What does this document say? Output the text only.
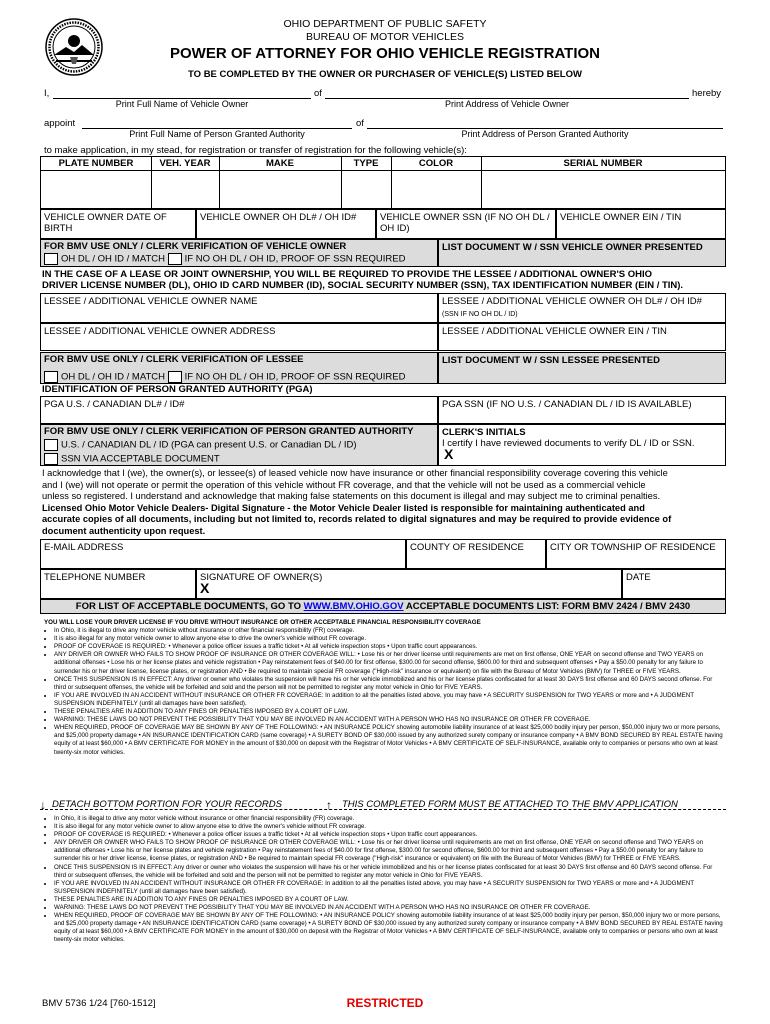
OHIO DEPARTMENT OF PUBLIC SAFETY
BUREAU OF MOTOR VEHICLES
POWER OF ATTORNEY FOR OHIO VEHICLE REGISTRATION
TO BE COMPLETED BY THE OWNER OR PURCHASER OF VEHICLE(S) LISTED BELOW
I,	of	hereby
Print Full Name of Vehicle Owner	Print Address of Vehicle Owner
appoint	of
Print Full Name of Person Granted Authority	Print Address of Person Granted Authority
to make application, in my stead, for registration or transfer of registration for the following vehicle(s):
PLATE NUMBER	VEH. YEAR	MAKE	TYPE	COLOR	SERIAL NUMBER
VEHICLE OWNER DATE OF BIRTH
VEHICLE OWNER OH DL# / OH ID#	VEHICLE OWNER SSN (IF NO OH DL / OH ID)
VEHICLE OWNER EIN / TIN
FOR BMV USE ONLY / CLERK VERIFICATION OF VEHICLE OWNER
OH DL / OH ID / MATCH IF NO OH DL / OH ID, PROOF OF SSN REQUIRED
LIST DOCUMENT W / SSN VEHICLE OWNER PRESENTED
IN THE CASE OF A LEASE OR JOINT OWNERSHIP, YOU WILL BE REQUIRED TO PROVIDE THE LESSEE / ADDITIONAL OWNER'S OHIO
DRIVER LICENSE NUMBER (DL), OHIO ID CARD NUMBER (ID), SOCIAL SECURITY NUMBER (SSN), TAX IDENTIFICATION NUMBER (EIN / TIN).
LESSEE / ADDITIONAL VEHICLE OWNER NAME	LESSEE / ADDITIONAL VEHICLE OWNER OH DL# / OH ID#
(SSN IF NO OH DL / ID)
LESSEE / ADDITIONAL VEHICLE OWNER ADDRESS	LESSEE / ADDITIONAL VEHICLE OWNER EIN / TIN
FOR BMV USE ONLY / CLERK VERIFICATION OF LESSEE
OH DL / OH ID / MATCH IF NO OH DL / OH ID, PROOF OF SSN REQUIRED
LIST DOCUMENT W / SSN LESSEE PRESENTED
IDENTIFICATION OF PERSON GRANTED AUTHORITY (PGA)
PGA U.S. / CANADIAN DL# / ID#	PGA SSN (IF NO U.S. / CANADIAN DL / ID IS AVAILABLE)
FOR BMV USE ONLY / CLERK VERIFICATION OF PERSON GRANTED AUTHORITY
U.S. / CANADIAN DL / ID (PGA can present U.S. or Canadian DL / ID)
SSN VIA ACCEPTABLE DOCUMENT
CLERK'S INITIALS
I certify I have reviewed documents to verify DL / ID or SSN.
X
I acknowledge that I (we), the owner(s), or lessee(s) of leased vehicle now have insurance or other financial responsibility coverage covering this vehicle
and I (we) will not operate or permit the operation of this vehicle without FR coverage, and that the vehicle will not be used as a commercial vehicle
unless so registered. I understand and acknowledge that making false statements on this document is illegal and may subject me to criminal penalties.
Licensed Ohio Motor Vehicle Dealers- Digital Signature - the Motor Vehicle Dealer listed is responsible for maintaining authenticated and
accurate copies of all documents, including but not limited to, records related to digital signatures and may be required to provide evidence of
document authenticity upon request.
E-MAIL ADDRESS	COUNTY OF RESIDENCE	CITY OR TOWNSHIP OF RESIDENCE
TELEPHONE NUMBER	SIGNATURE OF OWNER(S)
X
DATE
FOR LIST OF ACCEPTABLE DOCUMENTS, GO TO WWW.BMV.OHIO.GOV ACCEPTABLE DOCUMENTS LIST: FORM BMV 2424 / BMV 2430
YOU WILL LOSE YOUR DRIVER LICENSE IF YOU DRIVE WITHOUT INSURANCE OR OTHER ACCEPTABLE FINANCIAL RESPONSIBILITY COVERAGE
• In Ohio, it is illegal to drive any motor vehicle without insurance or other financial responsibility (FR) coverage.
• It is also illegal for any motor vehicle owner to allow anyone else to drive the owner's vehicle without FR coverage.
• PROOF OF COVERAGE IS REQUIRED: • Whenever a police officer issues a traffic ticket • At all vehicle inspection stops • Upon traffic court appearances.
• ANY DRIVER OR OWNER WHO FAILS TO SHOW PROOF OF INSURANCE OR OTHER COVERAGE WILL: • Lose his or her driver license until requirements are met on first offense, ONE YEAR on second offense and TWO YEARS on additional offenses • Lose his or her license plates and vehicle registration • Pay reinstatement fees of $40.00 for first offense, $300.00 for second offense, $600.00 for third and subsequent offenses • Pay a $50.00 penalty for any failure to surrender his or her driver license, license plates, or registration AND • Be required to maintain special FR coverage ("High-risk" insurance or equivalent) on file with the Bureau of Motor Vehicles (BMV) for THREE or FIVE YEARS.
• ONCE THIS SUSPENSION IS IN EFFECT: Any driver or owner who violates the suspension will have his or her vehicle immobilized and his or her license plates confiscated for at least 30 DAYS first offense and 60 DAYS second offense. For third or subsequent offenses, the vehicle will be forfeited and sold and the person will not be permitted to register any motor vehicle in Ohio for FIVE YEARS.
• IF YOU ARE INVOLVED IN AN ACCIDENT WITHOUT INSURANCE OR OTHER FR COVERAGE: In addition to all the penalties listed above, you may have • A SECURITY SUSPENSION for TWO YEARS or more and • A JUDGMENT SUSPENSION INDEFINITELY (until all damages have been satisfied).
• THESE PENALTIES ARE IN ADDITION TO ANY FINES OR PENALTIES IMPOSED BY A COURT OF LAW.
• WARNING: THESE LAWS DO NOT PREVENT THE POSSIBILITY THAT YOU MAY BE INVOLVED IN AN ACCIDENT WITH A PERSON WHO HAS NO INSURANCE OR OTHER FR COVERAGE.
• WHEN REQUIRED, PROOF OF COVERAGE MAY BE SHOWN BY ANY OF THE FOLLOWING: • AN INSURANCE POLICY showing automobile liability insurance of at least $25,000 bodily injury per person, $50,000 injury two or more persons, and $25,000 property damage • AN INSURANCE IDENTIFICATION CARD (same coverage) • A SURETY BOND OF $30,000 issued by any authorized surety company or insurance company • A BMV BOND SECURED BY REAL ESTATE having equity of at least $60,000 • A BMV CERTIFICATE FOR MONEY in the amount of $30,000 on deposit with the Registrar of Motor Vehicles • A BMV CERTIFICATE OF SELF-INSURANCE, available only to companies or persons who own at least twenty-six motor vehicles.
↓ DETACH BOTTOM PORTION FOR YOUR RECORDS	↑ THIS COMPLETED FORM MUST BE ATTACHED TO THE BMV APPLICATION
• In Ohio, it is illegal to drive any motor vehicle without insurance or other financial responsibility (FR) coverage.
• It is also illegal for any motor vehicle owner to allow anyone else to drive the owner's vehicle without FR coverage.
• PROOF OF COVERAGE IS REQUIRED: • Whenever a police officer issues a traffic ticket • At all vehicle inspection stops • Upon traffic court appearances.
• ANY DRIVER OR OWNER WHO FAILS TO SHOW PROOF OF INSURANCE OR OTHER COVERAGE WILL: • Lose his or her driver license until requirements are met on first offense, ONE YEAR on second offense and TWO YEARS on additional offenses • Lose his or her license plates and vehicle registration • Pay reinstatement fees of $40.00 for first offense, $300.00 for second offense, $600.00 for third and subsequent offenses • Pay a $50.00 penalty for any failure to surrender his or her driver license, license plates, or registration AND • Be required to maintain special FR coverage ("High-risk" insurance or equivalent) on file with the Bureau of Motor Vehicles (BMV) for THREE or FIVE YEARS.
• ONCE THIS SUSPENSION IS IN EFFECT: Any driver or owner who violates the suspension will have his or her vehicle immobilized and his or her license plates confiscated for at least 30 DAYS first offense and 60 DAYS second offense. For third or subsequent offenses, the vehicle will be forfeited and sold and the person will not be permitted to register any motor vehicle in Ohio for FIVE YEARS.
• IF YOU ARE INVOLVED IN AN ACCIDENT WITHOUT INSURANCE OR OTHER FR COVERAGE: In addition to all the penalties listed above, you may have • A SECURITY SUSPENSION for TWO YEARS or more and • A JUDGMENT SUSPENSION INDEFINITELY (until all damages have been satisfied).
• THESE PENALTIES ARE IN ADDITION TO ANY FINES OR PENALTIES IMPOSED BY A COURT OF LAW.
• WARNING: THESE LAWS DO NOT PREVENT THE POSSIBILITY THAT YOU MAY BE INVOLVED IN AN ACCIDENT WITH A PERSON WHO HAS NO INSURANCE OR OTHER FR COVERAGE.
• WHEN REQUIRED, PROOF OF COVERAGE MAY BE SHOWN BY ANY OF THE FOLLOWING: • AN INSURANCE POLICY showing automobile liability insurance of at least $25,000 bodily injury per person, $50,000 injury two or more persons, and $25,000 property damage • AN INSURANCE IDENTIFICATION CARD (same coverage) • A SURETY BOND OF $30,000 issued by any authorized surety company or insurance company • A BMV BOND SECURED BY REAL ESTATE having equity of at least $60,000 • A BMV CERTIFICATE FOR MONEY in the amount of $30,000 on deposit with the Registrar of Motor Vehicles • A BMV CERTIFICATE OF SELF-INSURANCE, available only to companies or persons who own at least twenty-six motor vehicles.
BMV 5736 1/24 [760-1512]	RESTRICTED
